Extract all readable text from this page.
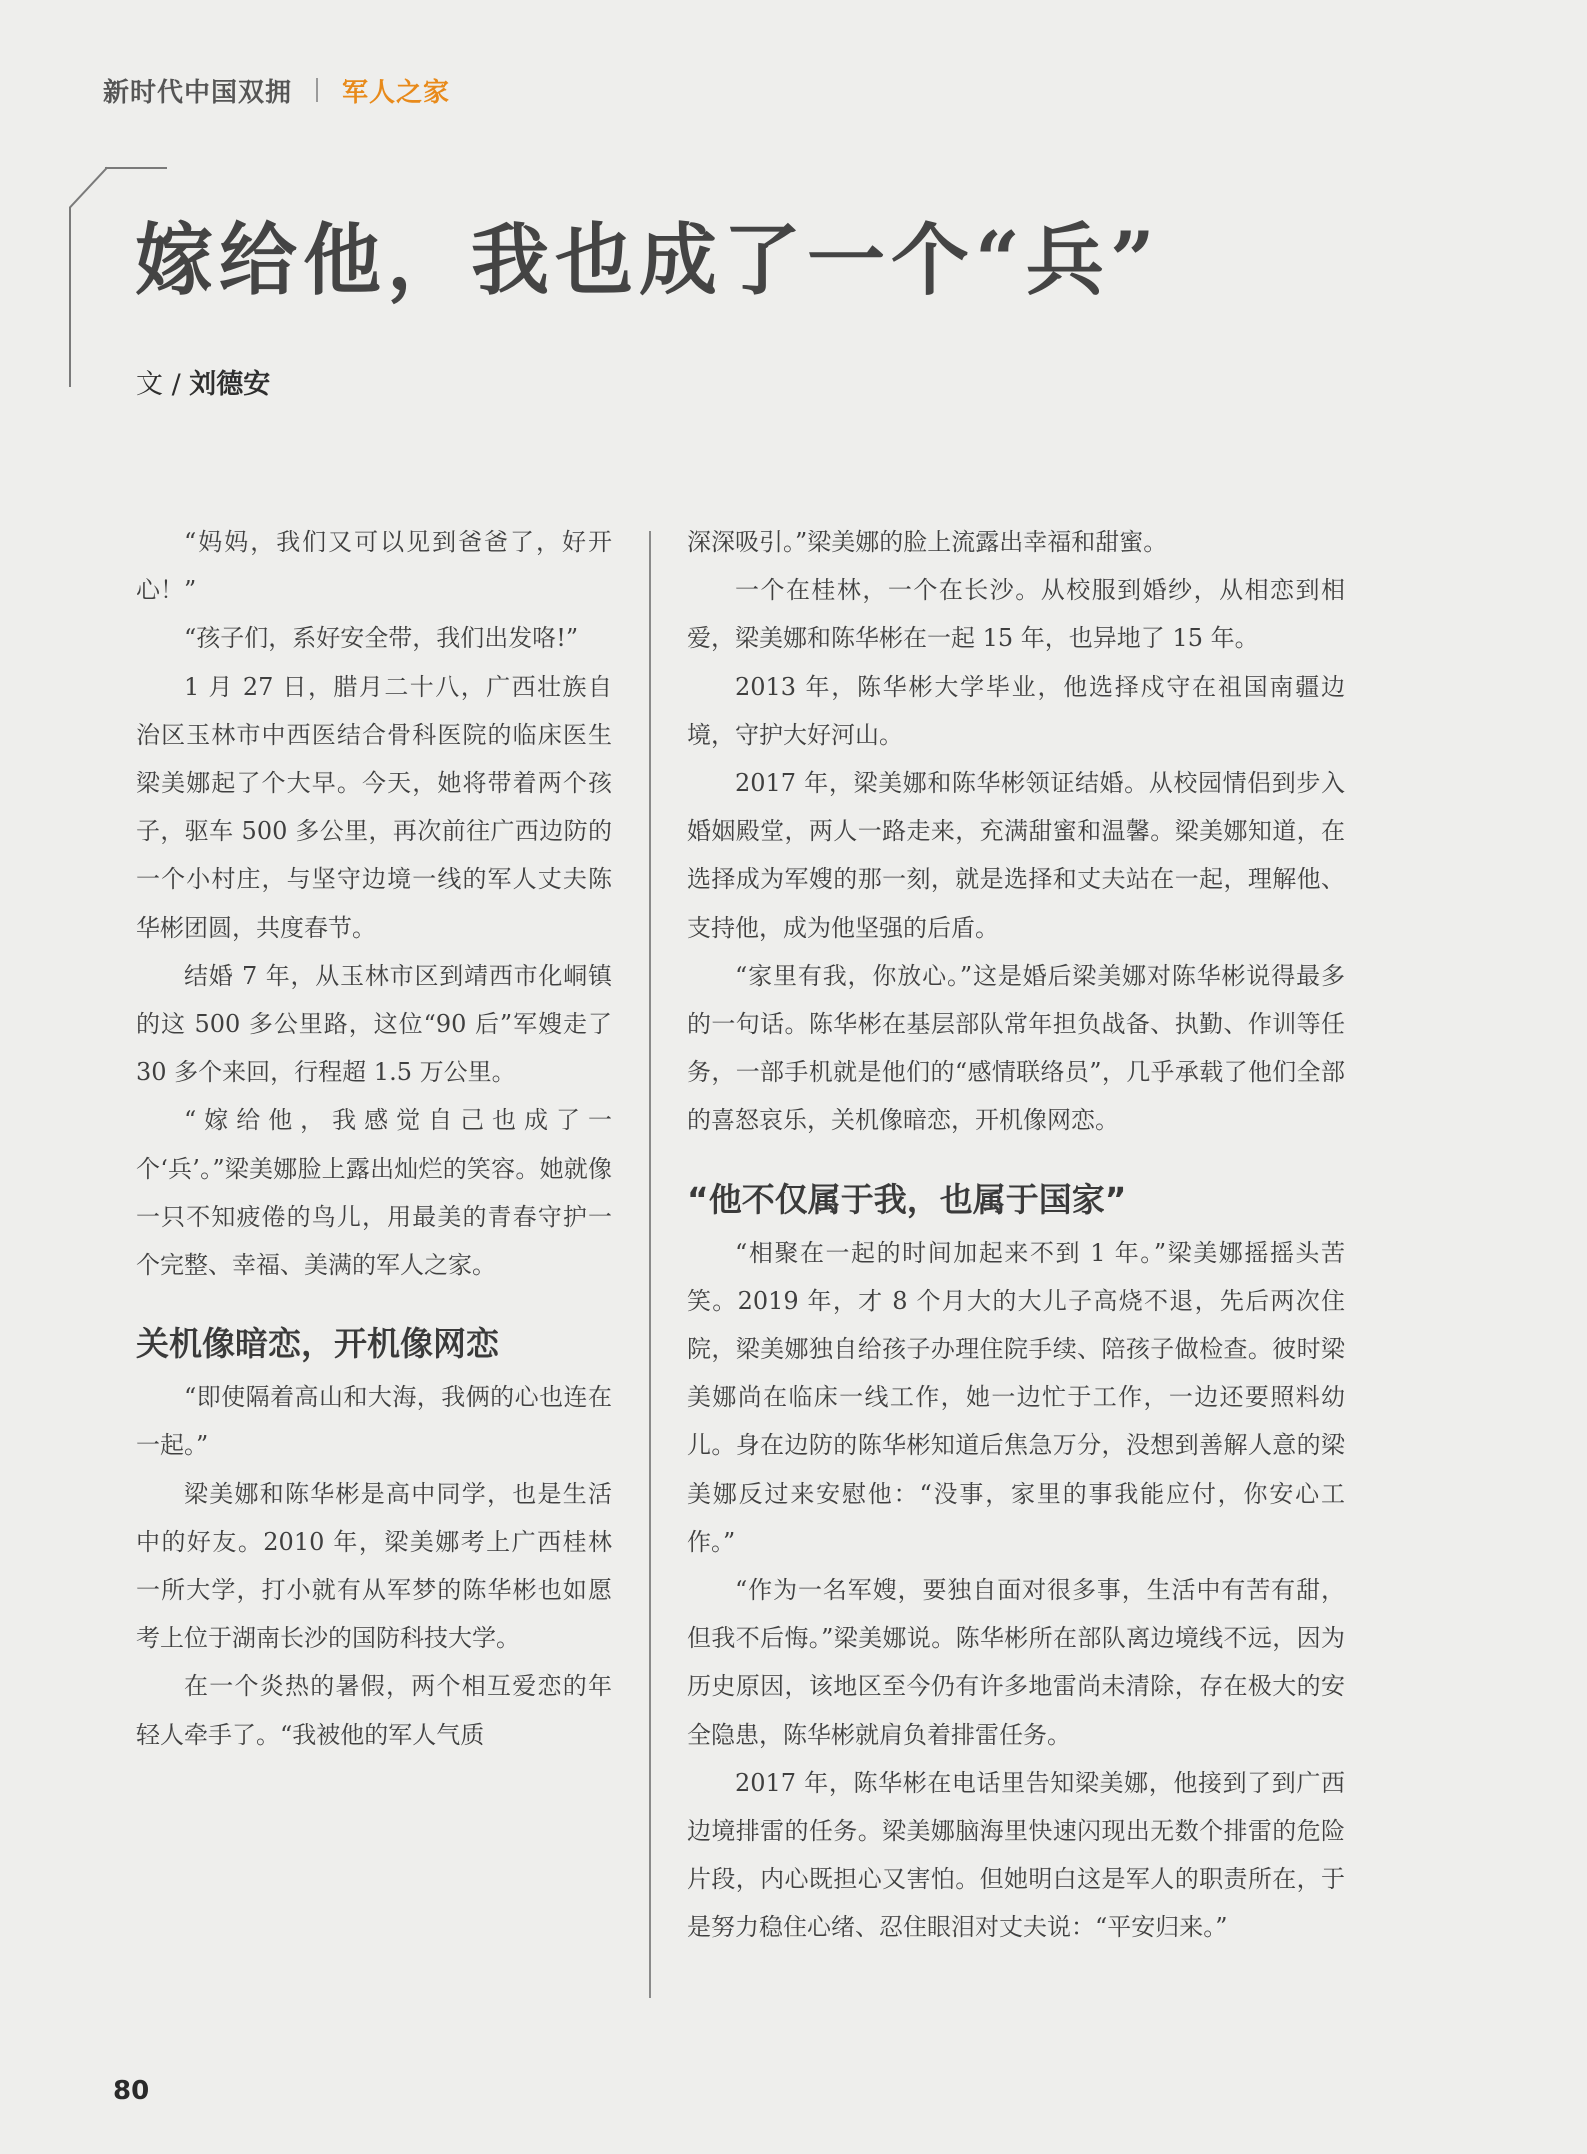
新时代中国双拥 军人之家
嫁给他，我也成了一个“兵”
文 / 刘德安

“妈妈，我们又可以见到爸爸了，好开心！”

“孩子们，系好安全带，我们出发咯!”

1 月 27 日，腊月二十八，广西壮族自治区玉林市中西医结合骨科医院的临床医生梁美娜起了个大早。今天，她将带着两个孩子，驱车 500 多公里，再次前往广西边防的一个小村庄，与坚守边境一线的军人丈夫陈华彬团圆，共度春节。

结婚 7 年，从玉林市区到靖西市化峒镇的这 500 多公里路，这位“90 后”军嫂走了 30 多个来回，行程超 1.5 万公里。

“嫁给他，我感觉自己也成了一个‘兵’。”梁美娜脸上露出灿烂的笑容。她就像一只不知疲倦的鸟儿，用最美的青春守护一个完整、幸福、美满的军人之家。

关机像暗恋，开机像网恋

“即使隔着高山和大海，我俩的心也连在一起。”

梁美娜和陈华彬是高中同学，也是生活中的好友。2010 年，梁美娜考上广西桂林一所大学，打小就有从军梦的陈华彬也如愿考上位于湖南长沙的国防科技大学。

在一个炎热的暑假，两个相互爱恋的年轻人牵手了。“我被他的军人气质

深深吸引。”梁美娜的脸上流露出幸福和甜蜜。

一个在桂林，一个在长沙。从校服到婚纱，从相恋到相爱，梁美娜和陈华彬在一起 15 年，也异地了 15 年。

2013 年，陈华彬大学毕业，他选择戍守在祖国南疆边境，守护大好河山。

2017 年，梁美娜和陈华彬领证结婚。从校园情侣到步入婚姻殿堂，两人一路走来，充满甜蜜和温馨。梁美娜知道，在选择成为军嫂的那一刻，就是选择和丈夫站在一起，理解他、支持他，成为他坚强的后盾。

“家里有我，你放心。”这是婚后梁美娜对陈华彬说得最多的一句话。陈华彬在基层部队常年担负战备、执勤、作训等任务，一部手机就是他们的“感情联络员”，几乎承载了他们全部的喜怒哀乐，关机像暗恋，开机像网恋。

“他不仅属于我，也属于国家”

“相聚在一起的时间加起来不到 1 年。”梁美娜摇摇头苦笑。2019 年，才 8 个月大的大儿子高烧不退，先后两次住院，梁美娜独自给孩子办理住院手续、陪孩子做检查。彼时梁美娜尚在临床一线工作，她一边忙于工作，一边还要照料幼儿。身在边防的陈华彬知道后焦急万分，没想到善解人意的梁美娜反过来安慰他：“没事，家里的事我能应付，你安心工作。”

“作为一名军嫂，要独自面对很多事，生活中有苦有甜，但我不后悔。”梁美娜说。陈华彬所在部队离边境线不远，因为历史原因，该地区至今仍有许多地雷尚未清除，存在极大的安全隐患，陈华彬就肩负着排雷任务。

2017 年，陈华彬在电话里告知梁美娜，他接到了到广西边境排雷的任务。梁美娜脑海里快速闪现出无数个排雷的危险片段，内心既担心又害怕。但她明白这是军人的职责所在，于是努力稳住心绪、忍住眼泪对丈夫说：“平安归来。”

80
